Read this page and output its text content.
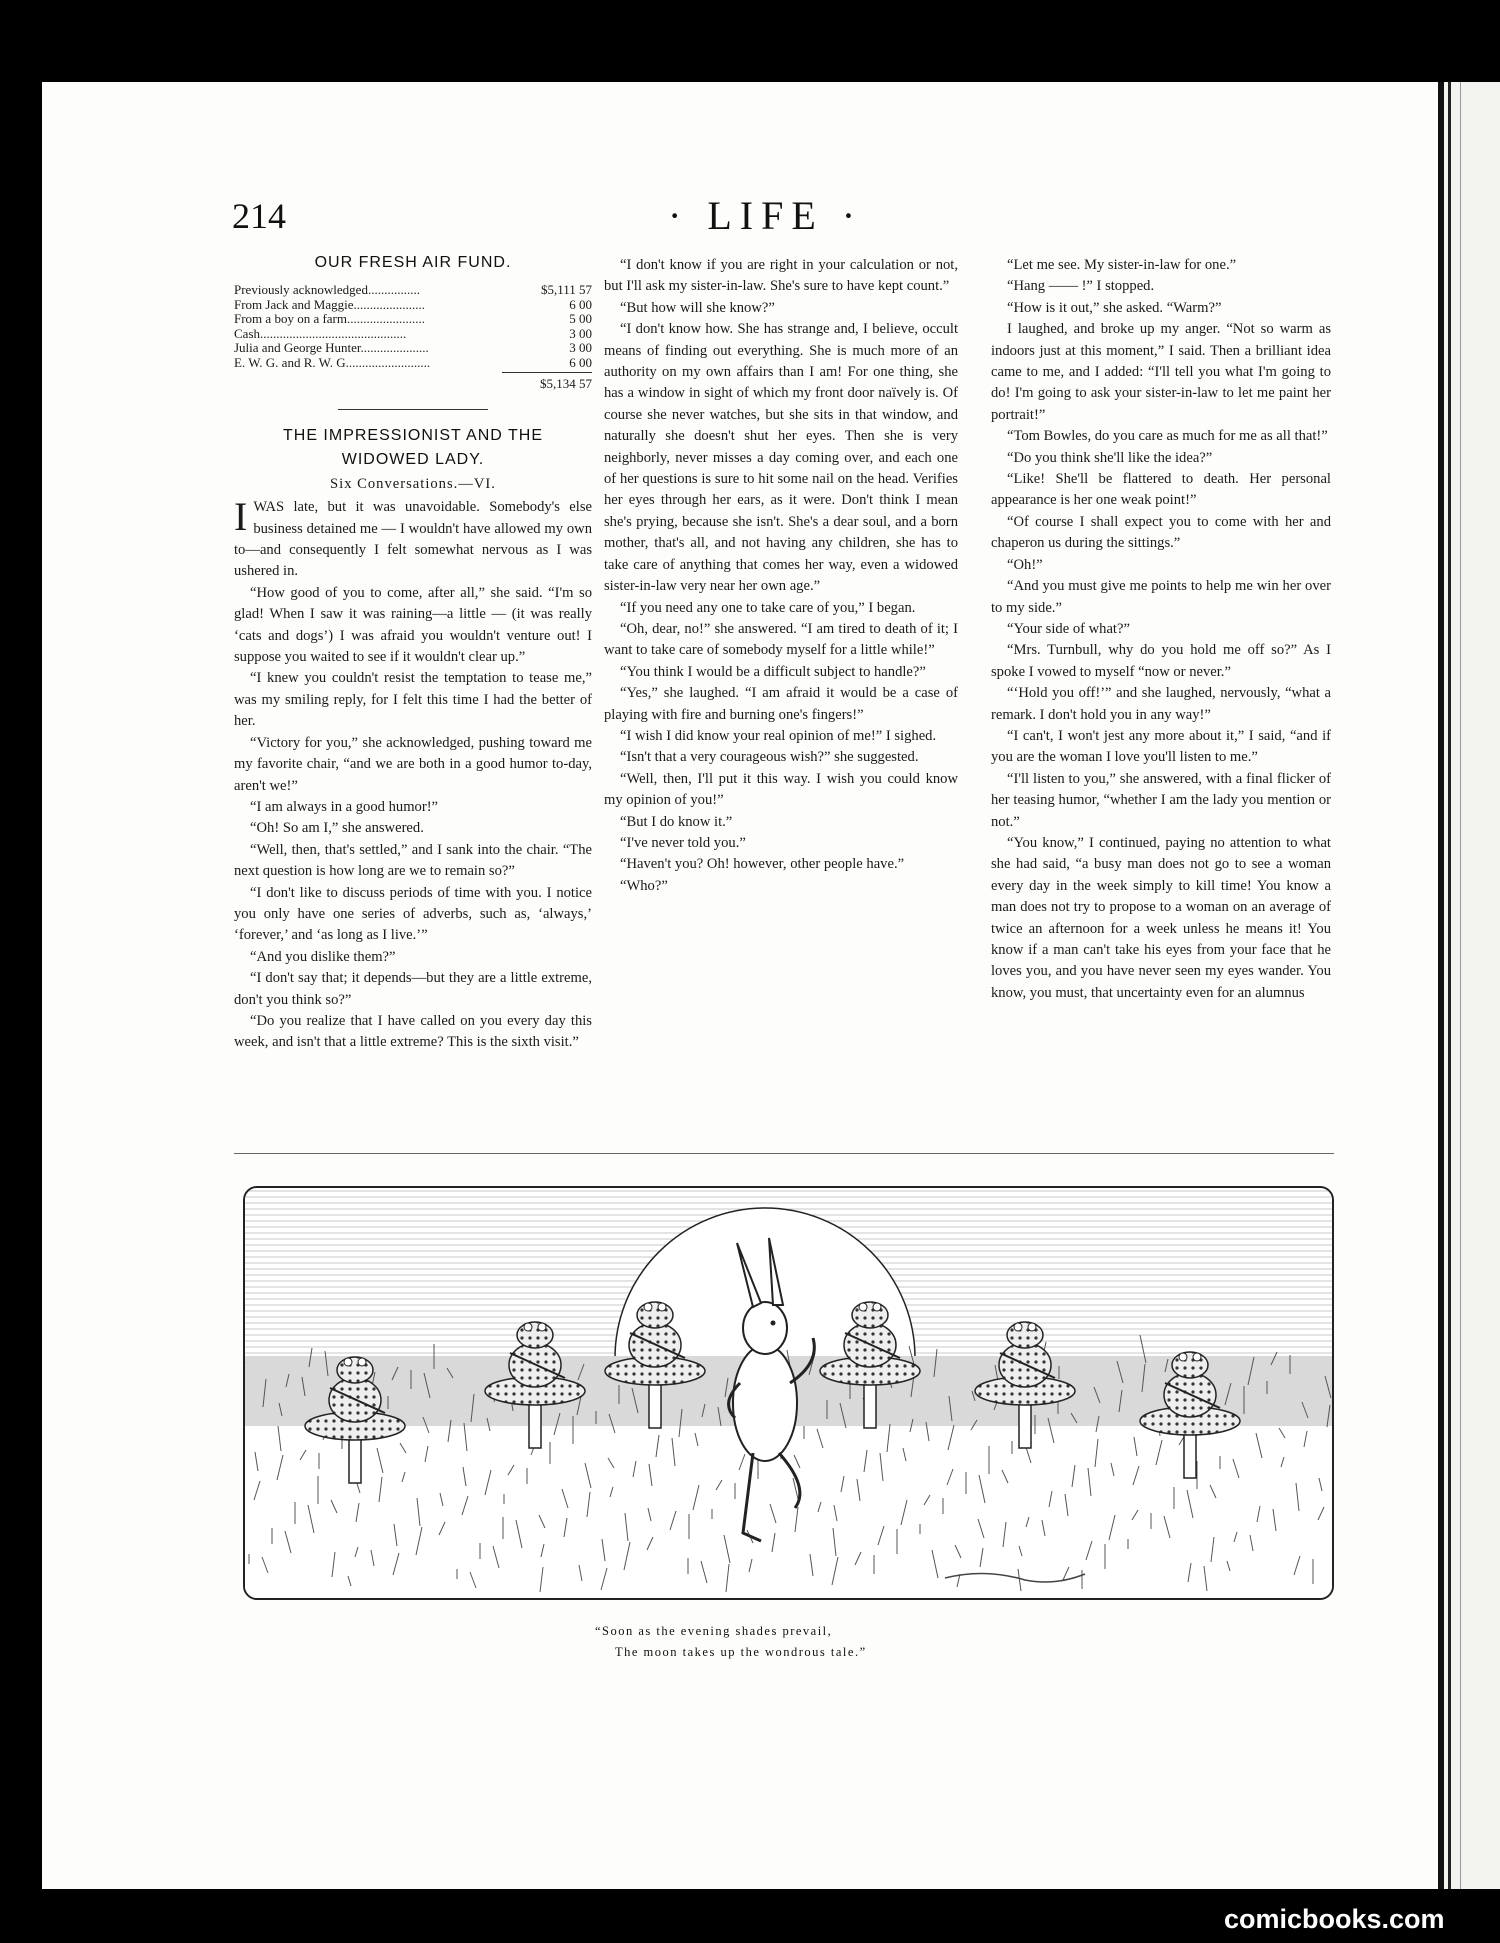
214	· LIFE ·
OUR FRESH AIR FUND.
Previously acknowledged................	$5,111 57
From Jack and Maggie......................	6 00
From a boy on a farm........................	5 00
Cash.............................................	3 00
Julia and George Hunter.....................	3 00
E. W. G. and R. W. G..........................	6 00
$5,134 57
THE IMPRESSIONIST AND THE
WIDOWED LADY.
Six Conversations.—VI.

I WAS late, but it was unavoidable. Somebody's else business detained me — I wouldn't have allowed my own to—and consequently I felt somewhat nervous as I was ushered in.

“How good of you to come, after all,” she said. “I'm so glad! When I saw it was raining—a little — (it was really ‘cats and dogs’) I was afraid you wouldn't venture out! I suppose you waited to see if it wouldn't clear up.”

“I knew you couldn't resist the temptation to tease me,” was my smiling reply, for I felt this time I had the better of her.

“Victory for you,” she acknowledged, pushing toward me my favorite chair, “and we are both in a good humor to-day, aren't we!”

“I am always in a good humor!”

“Oh! So am I,” she answered.

“Well, then, that's settled,” and I sank into the chair. “The next question is how long are we to remain so?”

“I don't like to discuss periods of time with you. I notice you only have one series of adverbs, such as, ‘always,’ ‘forever,’ and ‘as long as I live.’”

“And you dislike them?”

“I don't say that; it depends—but they are a little extreme, don't you think so?”

“Do you realize that I have called on you every day this week, and isn't that a little extreme? This is the sixth visit.”

“I don't know if you are right in your calculation or not, but I'll ask my sister-in-law. She's sure to have kept count.”

“But how will she know?”

“I don't know how. She has strange and, I believe, occult means of finding out everything. She is much more of an authority on my own affairs than I am! For one thing, she has a window in sight of which my front door naïvely is. Of course she never watches, but she sits in that window, and naturally she doesn't shut her eyes. Then she is very neighborly, never misses a day coming over, and each one of her questions is sure to hit some nail on the head. Verifies her eyes through her ears, as it were. Don't think I mean she's prying, because she isn't. She's a dear soul, and a born mother, that's all, and not having any children, she has to take care of anything that comes her way, even a widowed sister-in-law very near her own age.”

“If you need any one to take care of you,” I began.

“Oh, dear, no!” she answered. “I am tired to death of it; I want to take care of somebody myself for a little while!”

“You think I would be a difficult subject to handle?”

“Yes,” she laughed. “I am afraid it would be a case of playing with fire and burning one's fingers!”

“I wish I did know your real opinion of me!” I sighed.

“Isn't that a very courageous wish?” she suggested.

“Well, then, I'll put it this way. I wish you could know my opinion of you!”

“But I do know it.”

“I've never told you.”

“Haven't you? Oh! however, other people have.”

“Who?”

“Let me see. My sister-in-law for one.”

“Hang —— !” I stopped.

“How is it out,” she asked. “Warm?”

I laughed, and broke up my anger. “Not so warm as indoors just at this moment,” I said. Then a brilliant idea came to me, and I added: “I'll tell you what I'm going to do! I'm going to ask your sister-in-law to let me paint her portrait!”

“Tom Bowles, do you care as much for me as all that!”

“Do you think she'll like the idea?”

“Like! She'll be flattered to death. Her personal appearance is her one weak point!”

“Of course I shall expect you to come with her and chaperon us during the sittings.”

“Oh!”

“And you must give me points to help me win her over to my side.”

“Your side of what?”

“Mrs. Turnbull, why do you hold me off so?” As I spoke I vowed to myself “now or never.”

“‘Hold you off!’” and she laughed, nervously, “what a remark. I don't hold you in any way!”

“I can't, I won't jest any more about it,” I said, “and if you are the woman I love you'll listen to me.”

“I'll listen to you,” she answered, with a final flicker of her teasing humor, “whether I am the lady you mention or not.”

“You know,” I continued, paying no attention to what she had said, “a busy man does not go to see a woman every day in the week simply to kill time! You know a man does not try to propose to a woman on an average of twice an afternoon for a week unless he means it! You know if a man can't take his eyes from your face that he loves you, and you have never seen my eyes wander. You know, you must, that uncertainty even for an alumnus

“Soon as the evening shades prevail,
The moon takes up the wondrous tale.”
comicbooks.com
